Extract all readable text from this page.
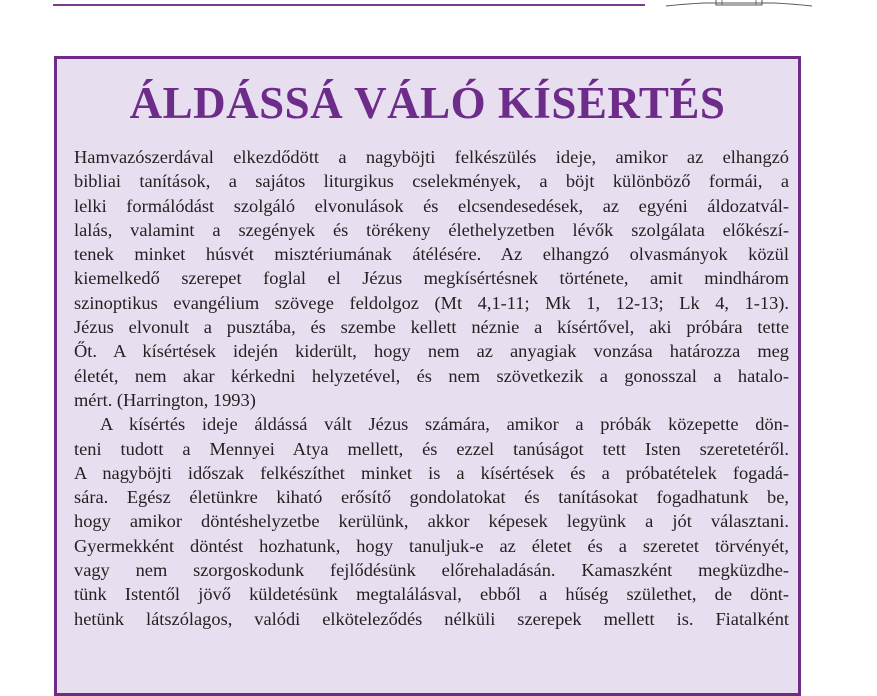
ÁLDÁSSÁ VÁLÓ KÍSÉRTÉS
Hamvazószerdával elkezdődött a nagyböjti felkészülés ideje, amikor az elhangzó
bibliai tanítások, a sajátos liturgikus cselekmények, a böjt különböző formái, a
lelki formálódást szolgáló elvonulások és elcsendesedések, az egyéni áldozatvál-
lalás, valamint a szegények és törékeny élethelyzetben lévők szolgálata előkészí-
tenek minket húsvét misztériumának átélésére. Az elhangzó olvasmányok közül
kiemelkedő szerepet foglal el Jézus megkísértésnek története, amit mindhárom
szinoptikus evangélium szövege feldolgoz (Mt 4,1-11; Mk 1, 12-13; Lk 4, 1-13).
Jézus elvonult a pusztába, és szembe kellett néznie a kísértővel, aki próbára tette
Őt. A kísértések idején kiderült, hogy nem az anyagiak vonzása határozza meg
életét, nem akar kérkedni helyzetével, és nem szövetkezik a gonosszal a hatalo-
mért. (Harrington, 1993)
A kísértés ideje áldássá vált Jézus számára, amikor a próbák közepette dön-
teni tudott a Mennyei Atya mellett, és ezzel tanúságot tett Isten szeretetéről.
A nagyböjti időszak felkészíthet minket is a kísértések és a próbatételek fogadá-
sára. Egész életünkre kiható erősítő gondolatokat és tanításokat fogadhatunk be,
hogy amikor döntéshelyzetbe kerülünk, akkor képesek legyünk a jót választani.
Gyermekként döntést hozhatunk, hogy tanuljuk-e az életet és a szeretet törvényét,
vagy nem szorgoskodunk fejlődésünk előrehaladásán. Kamaszként megküzdhe-
tünk Istentől jövő küldetésünk megtalálásval, ebből a hűség születhet, de dönt-
hetünk látszólagos, valódi elköteleződés nélküli szerepek mellett is. Fiatalként
